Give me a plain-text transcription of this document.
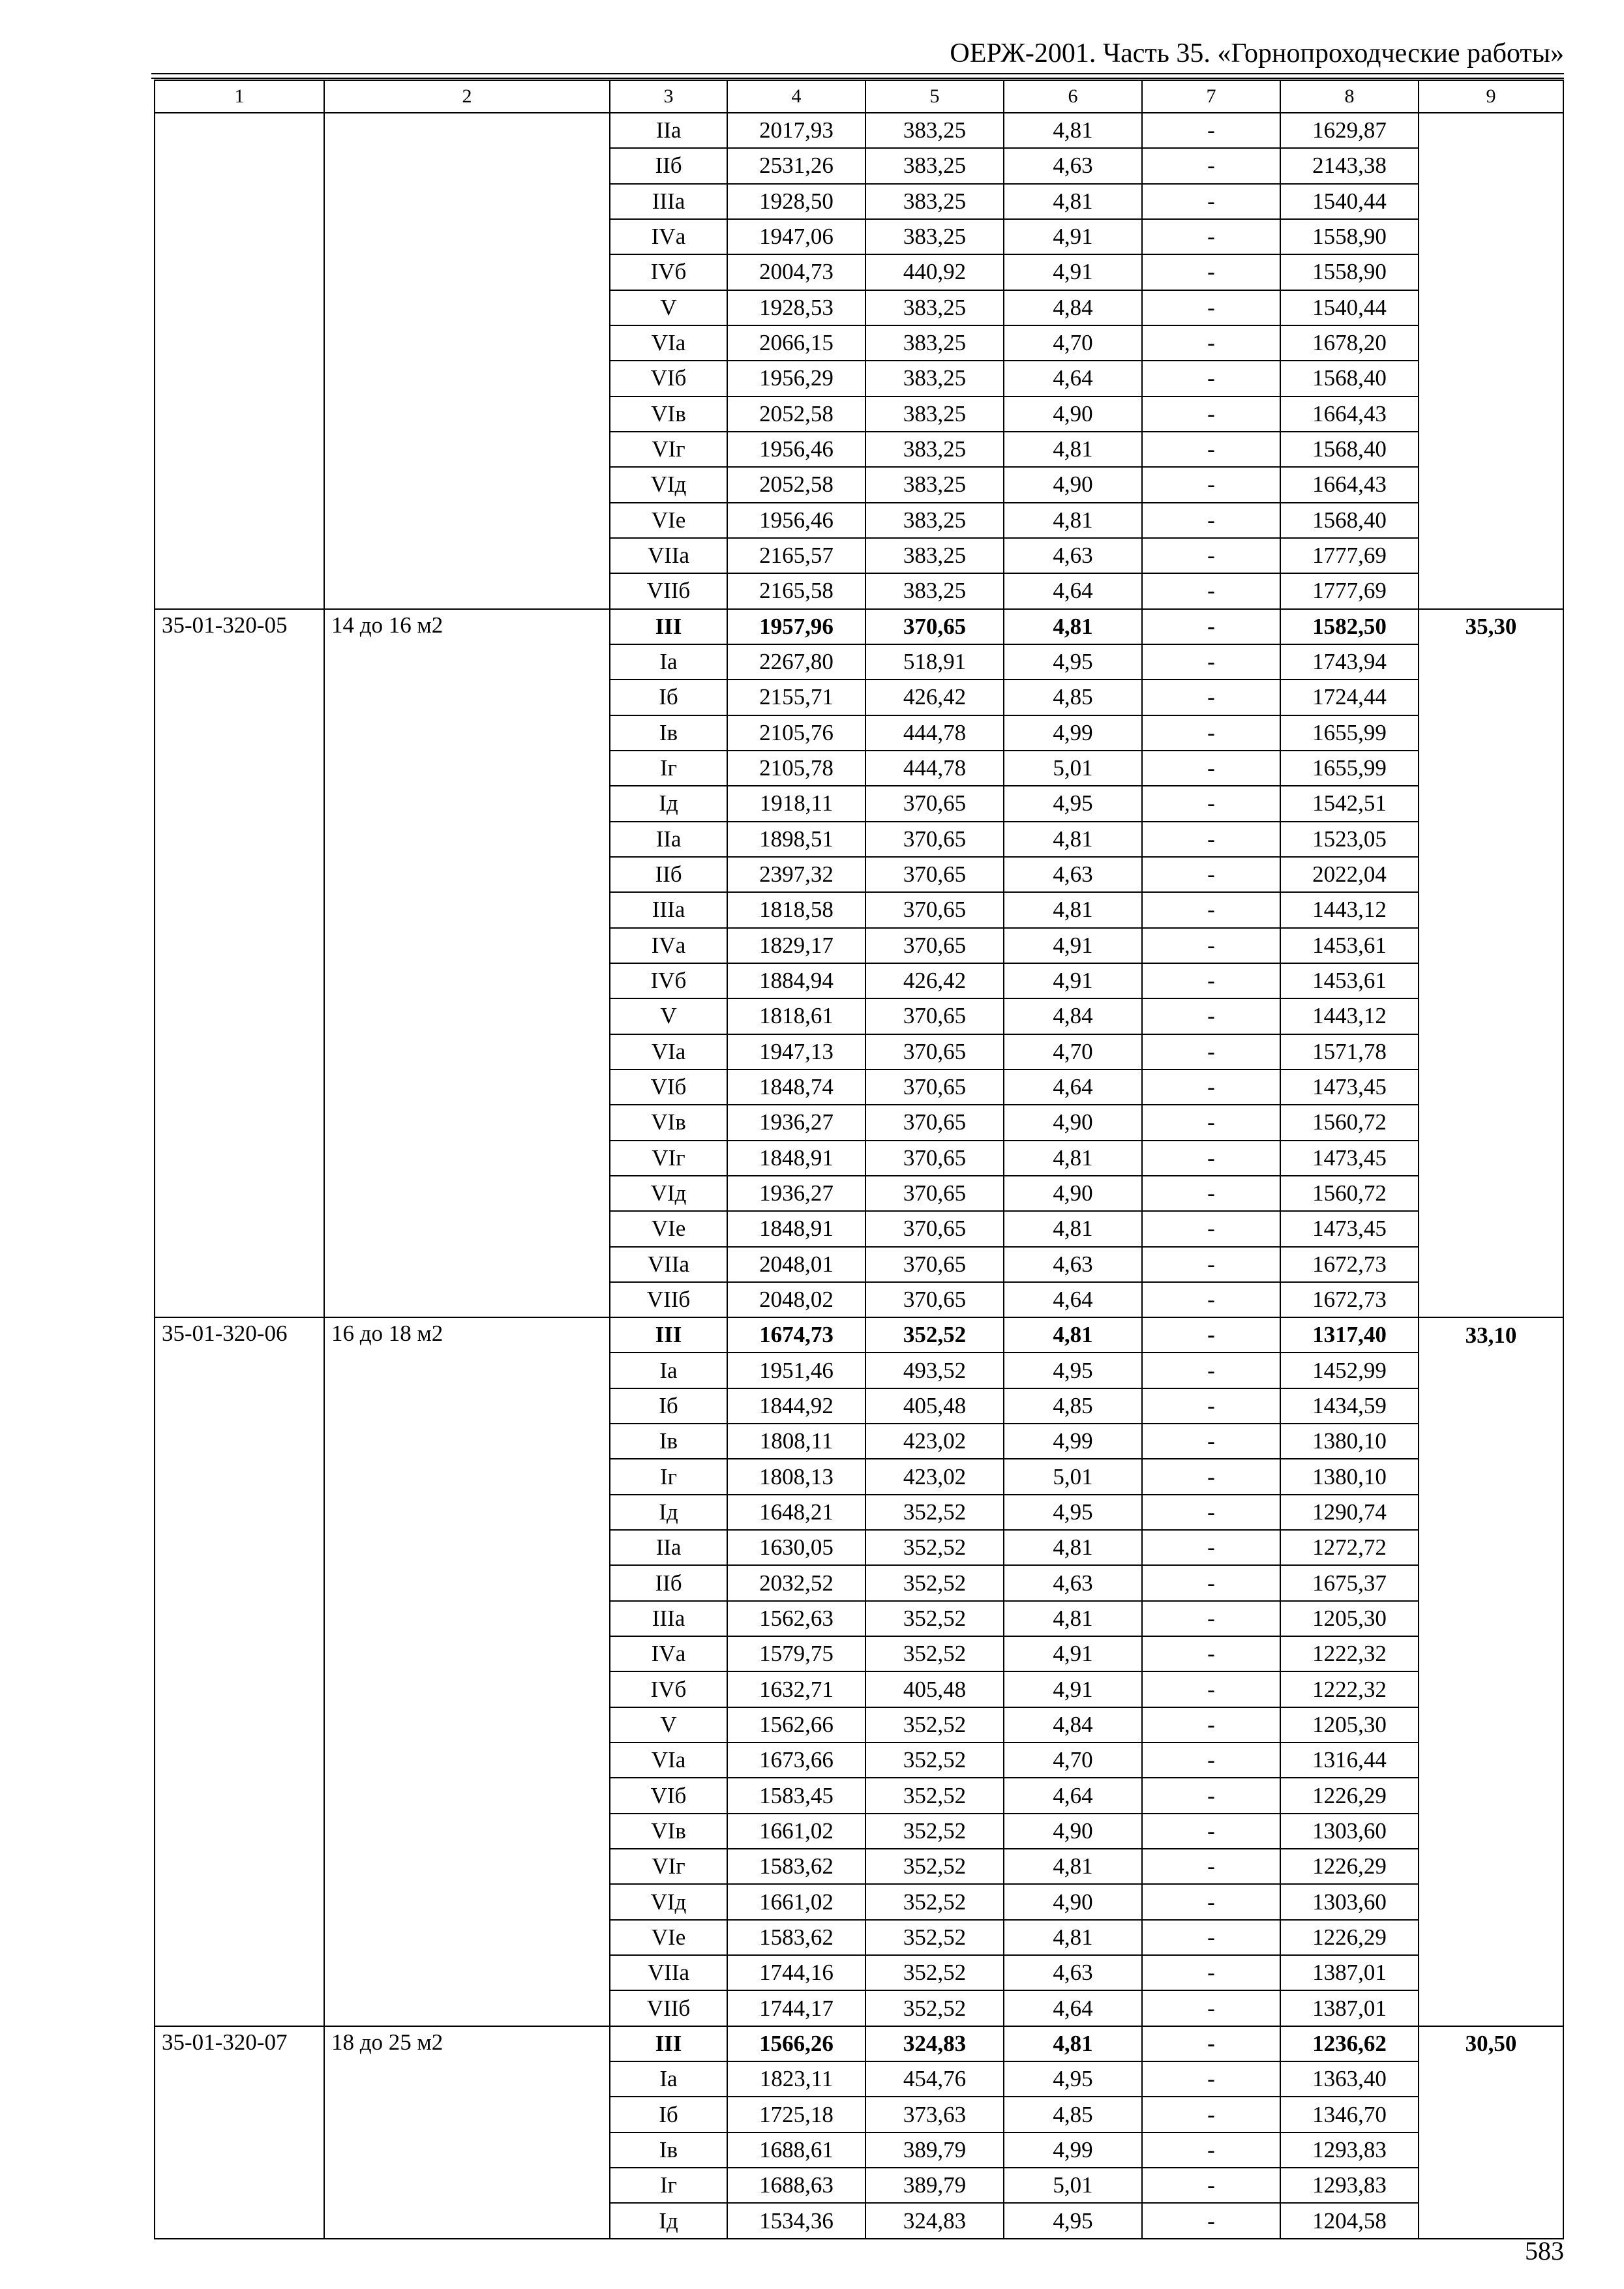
ОЕРЖ-2001. Часть 35. «Горнопроходческие работы»
1	2	3	4	5	6	7	8	9
		IIа	2017,93	383,25	4,81	-	1629,87	
		IIб	2531,26	383,25	4,63	-	2143,38	
		IIIа	1928,50	383,25	4,81	-	1540,44	
		IVа	1947,06	383,25	4,91	-	1558,90	
		IVб	2004,73	440,92	4,91	-	1558,90	
		V	1928,53	383,25	4,84	-	1540,44	
		VIа	2066,15	383,25	4,70	-	1678,20	
		VIб	1956,29	383,25	4,64	-	1568,40	
		VIв	2052,58	383,25	4,90	-	1664,43	
		VIг	1956,46	383,25	4,81	-	1568,40	
		VIд	2052,58	383,25	4,90	-	1664,43	
		VIе	1956,46	383,25	4,81	-	1568,40	
		VIIа	2165,57	383,25	4,63	-	1777,69	
		VIIб	2165,58	383,25	4,64	-	1777,69	
35-01-320-05	14 до 16 м2	III	1957,96	370,65	4,81	-	1582,50	35,30
		Iа	2267,80	518,91	4,95	-	1743,94	
		Iб	2155,71	426,42	4,85	-	1724,44	
		Iв	2105,76	444,78	4,99	-	1655,99	
		Iг	2105,78	444,78	5,01	-	1655,99	
		Iд	1918,11	370,65	4,95	-	1542,51	
		IIа	1898,51	370,65	4,81	-	1523,05	
		IIб	2397,32	370,65	4,63	-	2022,04	
		IIIа	1818,58	370,65	4,81	-	1443,12	
		IVа	1829,17	370,65	4,91	-	1453,61	
		IVб	1884,94	426,42	4,91	-	1453,61	
		V	1818,61	370,65	4,84	-	1443,12	
		VIа	1947,13	370,65	4,70	-	1571,78	
		VIб	1848,74	370,65	4,64	-	1473,45	
		VIв	1936,27	370,65	4,90	-	1560,72	
		VIг	1848,91	370,65	4,81	-	1473,45	
		VIд	1936,27	370,65	4,90	-	1560,72	
		VIе	1848,91	370,65	4,81	-	1473,45	
		VIIа	2048,01	370,65	4,63	-	1672,73	
		VIIб	2048,02	370,65	4,64	-	1672,73	
35-01-320-06	16 до 18 м2	III	1674,73	352,52	4,81	-	1317,40	33,10
		Iа	1951,46	493,52	4,95	-	1452,99	
		Iб	1844,92	405,48	4,85	-	1434,59	
		Iв	1808,11	423,02	4,99	-	1380,10	
		Iг	1808,13	423,02	5,01	-	1380,10	
		Iд	1648,21	352,52	4,95	-	1290,74	
		IIа	1630,05	352,52	4,81	-	1272,72	
		IIб	2032,52	352,52	4,63	-	1675,37	
		IIIа	1562,63	352,52	4,81	-	1205,30	
		IVа	1579,75	352,52	4,91	-	1222,32	
		IVб	1632,71	405,48	4,91	-	1222,32	
		V	1562,66	352,52	4,84	-	1205,30	
		VIа	1673,66	352,52	4,70	-	1316,44	
		VIб	1583,45	352,52	4,64	-	1226,29	
		VIв	1661,02	352,52	4,90	-	1303,60	
		VIг	1583,62	352,52	4,81	-	1226,29	
		VIд	1661,02	352,52	4,90	-	1303,60	
		VIе	1583,62	352,52	4,81	-	1226,29	
		VIIа	1744,16	352,52	4,63	-	1387,01	
		VIIб	1744,17	352,52	4,64	-	1387,01	
35-01-320-07	18 до 25 м2	III	1566,26	324,83	4,81	-	1236,62	30,50
		Iа	1823,11	454,76	4,95	-	1363,40	
		Iб	1725,18	373,63	4,85	-	1346,70	
		Iв	1688,61	389,79	4,99	-	1293,83	
		Iг	1688,63	389,79	5,01	-	1293,83	
		Iд	1534,36	324,83	4,95	-	1204,58	
583
